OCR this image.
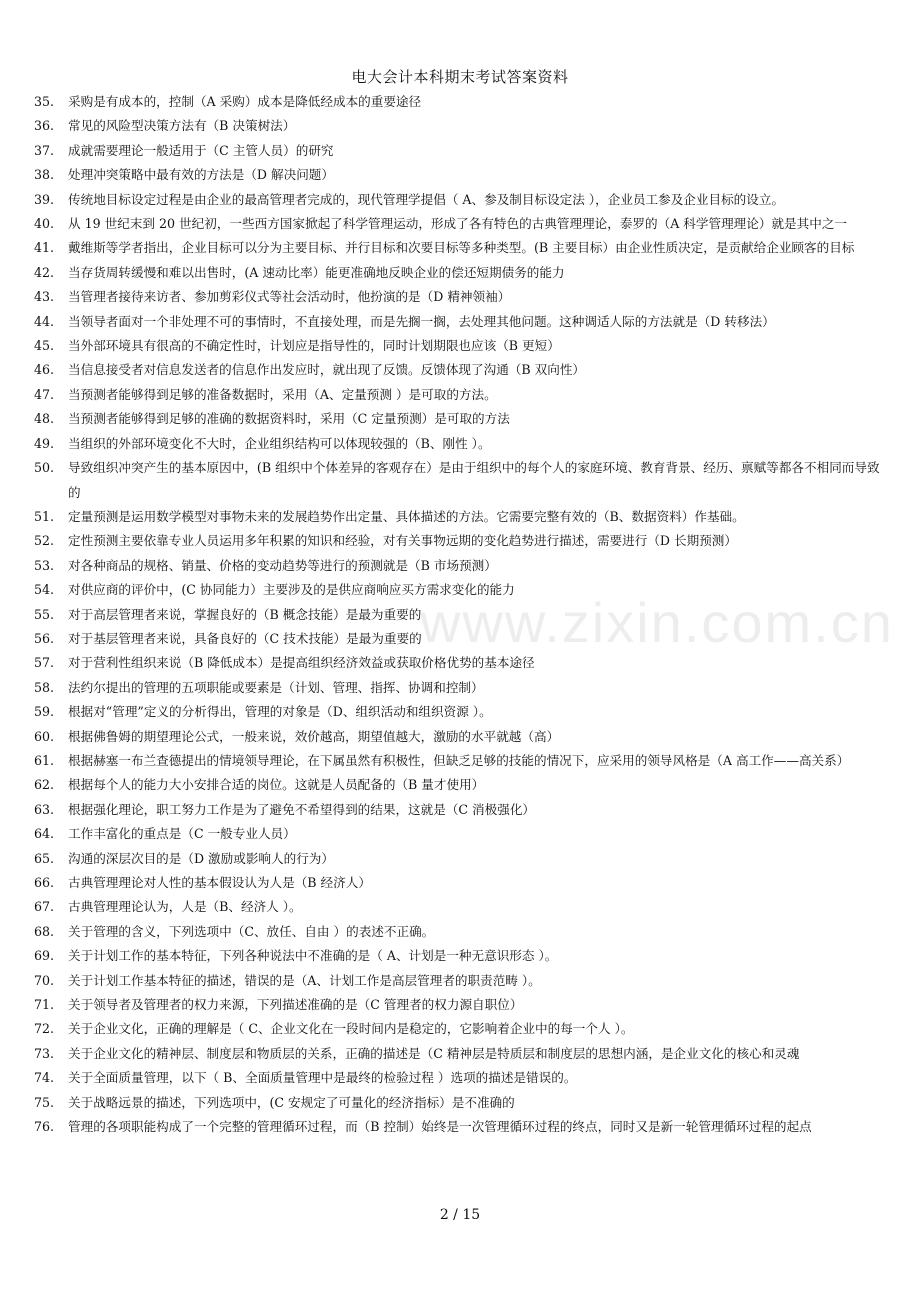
电大会计本科期末考试答案资料
www.zixin.com.cn
35. 采购是有成本的，控制（A 采购）成本是降低经成本的重要途径
36. 常见的风险型决策方法有（B 决策树法）
37. 成就需要理论一般适用于（C 主管人员）的研究
38. 处理冲突策略中最有效的方法是（D 解决问题）
39. 传统地目标设定过程是由企业的最高管理者完成的，现代管理学提倡（ A、参及制目标设定法 ），企业员工参及企业目标的设立。
40. 从 19 世纪末到 20 世纪初，一些西方国家掀起了科学管理运动，形成了各有特色的古典管理理论，泰罗的（A 科学管理理论）就是其中之一
41. 戴维斯等学者指出，企业目标可以分为主要目标、并行目标和次要目标等多种类型。(B 主要目标）由企业性质决定，是贡献给企业顾客的目标
42. 当存货周转缓慢和难以出售时，(A 速动比率）能更准确地反映企业的偿还短期债务的能力
43. 当管理者接待来访者、参加剪彩仪式等社会活动时，他扮演的是（D 精神领袖）
44. 当领导者面对一个非处理不可的事情时，不直接处理，而是先搁一搁，去处理其他问题。这种调适人际的方法就是（D 转移法）
45. 当外部环境具有很高的不确定性时，计划应是指导性的，同时计划期限也应该（B 更短）
46. 当信息接受者对信息发送者的信息作出发应时，就出现了反馈。反馈体现了沟通（B 双向性）
47. 当预测者能够得到足够的准备数据时，采用（A、定量预测 ）是可取的方法。
48. 当预测者能够得到足够的准确的数据资料时，采用（C 定量预测）是可取的方法
49. 当组织的外部环境变化不大时，企业组织结构可以体现较强的（B、刚性 ）。
50. 导致组织冲突产生的基本原因中，(B 组织中个体差异的客观存在）是由于组织中的每个人的家庭环境、教育背景、经历、禀赋等都各不相同而导致的
51. 定量预测是运用数学模型对事物未来的发展趋势作出定量、具体描述的方法。它需要完整有效的（B、数据资料）作基础。
52. 定性预测主要依靠专业人员运用多年积累的知识和经验，对有关事物远期的变化趋势进行描述，需要进行（D 长期预测）
53. 对各种商品的规格、销量、价格的变动趋势等进行的预测就是（B 市场预测）
54. 对供应商的评价中，(C 协同能力）主要涉及的是供应商响应买方需求变化的能力
55. 对于高层管理者来说，掌握良好的（B 概念技能）是最为重要的
56. 对于基层管理者来说，具备良好的（C 技术技能）是最为重要的
57. 对于营利性组织来说（B 降低成本）是提高组织经济效益或获取价格优势的基本途径
58. 法约尔提出的管理的五项职能或要素是（计划、管理、指挥、协调和控制）
59. 根据对“管理”定义的分析得出，管理的对象是（D、组织活动和组织资源 ）。
60. 根据佛鲁姆的期望理论公式，一般来说，效价越高，期望值越大，激励的水平就越（高）
61. 根据赫塞一布兰查德提出的情境领导理论，在下属虽然有积极性，但缺乏足够的技能的情况下，应采用的领导风格是（A 高工作——高关系）
62. 根据每个人的能力大小安排合适的岗位。这就是人员配备的（B 量才使用）
63. 根据强化理论，职工努力工作是为了避免不希望得到的结果，这就是（C 消极强化）
64. 工作丰富化的重点是（C 一般专业人员）
65. 沟通的深层次目的是（D 激励或影响人的行为）
66. 古典管理理论对人性的基本假设认为人是（B 经济人）
67. 古典管理理论认为，人是（B、经济人 ）。
68. 关于管理的含义，下列选项中（C、放任、自由 ）的表述不正确。
69. 关于计划工作的基本特征，下列各种说法中不准确的是（ A、计划是一种无意识形态 ）。
70. 关于计划工作基本特征的描述，错误的是（A、计划工作是高层管理者的职责范畴 ）。
71. 关于领导者及管理者的权力来源，下列描述准确的是（C 管理者的权力源自职位）
72. 关于企业文化，正确的理解是（ C、企业文化在一段时间内是稳定的，它影响着企业中的每一个人 ）。
73. 关于企业文化的精神层、制度层和物质层的关系，正确的描述是（C 精神层是特质层和制度层的思想内涵，是企业文化的核心和灵魂
74. 关于全面质量管理，以下（ B、全面质量管理中是最终的检验过程 ）选项的描述是错误的。
75. 关于战略远景的描述，下列选项中，(C 安规定了可量化的经济指标）是不准确的
76. 管理的各项职能构成了一个完整的管理循环过程，而（B 控制）始终是一次管理循环过程的终点，同时又是新一轮管理循环过程的起点
2 / 15
